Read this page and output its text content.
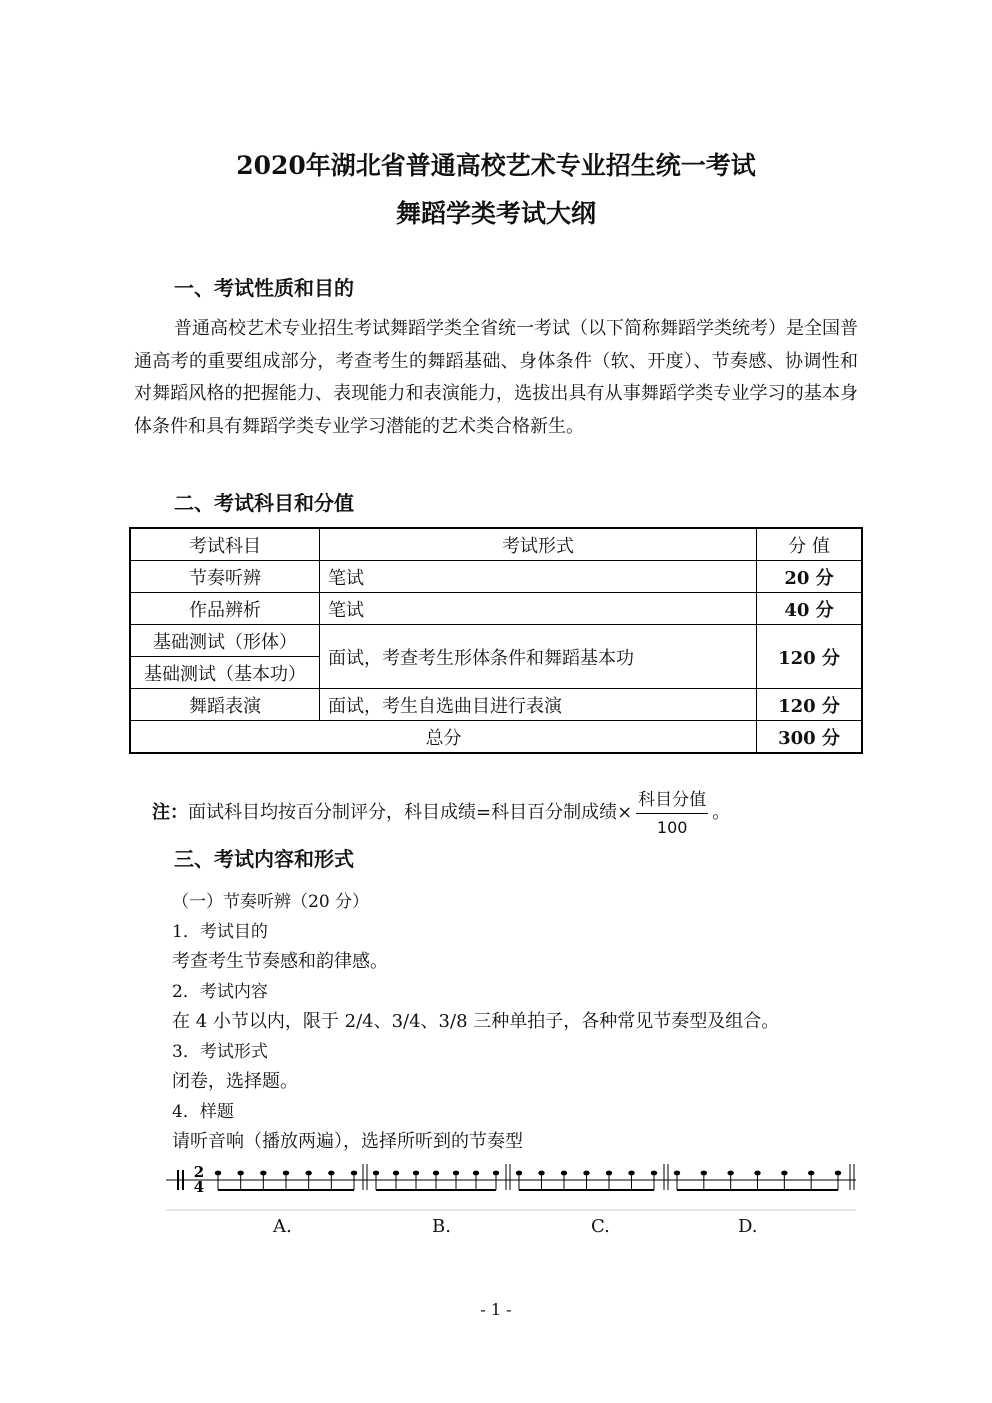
2020年湖北省普通高校艺术专业招生统一考试
舞蹈学类考试大纲
一、考试性质和目的
普通高校艺术专业招生考试舞蹈学类全省统一考试（以下简称舞蹈学类统考）是全国普通高考的重要组成部分，考查考生的舞蹈基础、身体条件（软、开度）、节奏感、协调性和对舞蹈风格的把握能力、表现能力和表演能力，选拔出具有从事舞蹈学类专业学习的基本身体条件和具有舞蹈学类专业学习潜能的艺术类合格新生。
二、考试科目和分值
考试科目	考试形式	分 值
节奏听辨	笔试	20 分
作品辨析	笔试	40 分
基础测试（形体）	面试，考查考生形体条件和舞蹈基本功	120 分
基础测试（基本功）		
舞蹈表演	面试，考生自选曲目进行表演	120 分
总分		300 分
注： 面试科目均按百分制评分，科目成绩=科目百分制成绩× $\frac{\text{科目分值}}{100}$ 。
三、考试内容和形式
（一）节奏听辨（20 分）
1．考试目的
考查考生节奏感和韵律感。
2．考试内容
在 4 小节以内，限于 2/4、3/4、3/8 三种单拍子，各种常见节奏型及组合。
3．考试形式
闭卷，选择题。
4．样题
请听音响（播放两遍），选择所听到的节奏型
2
4
A.	B.	C.	D.
- 1 -
